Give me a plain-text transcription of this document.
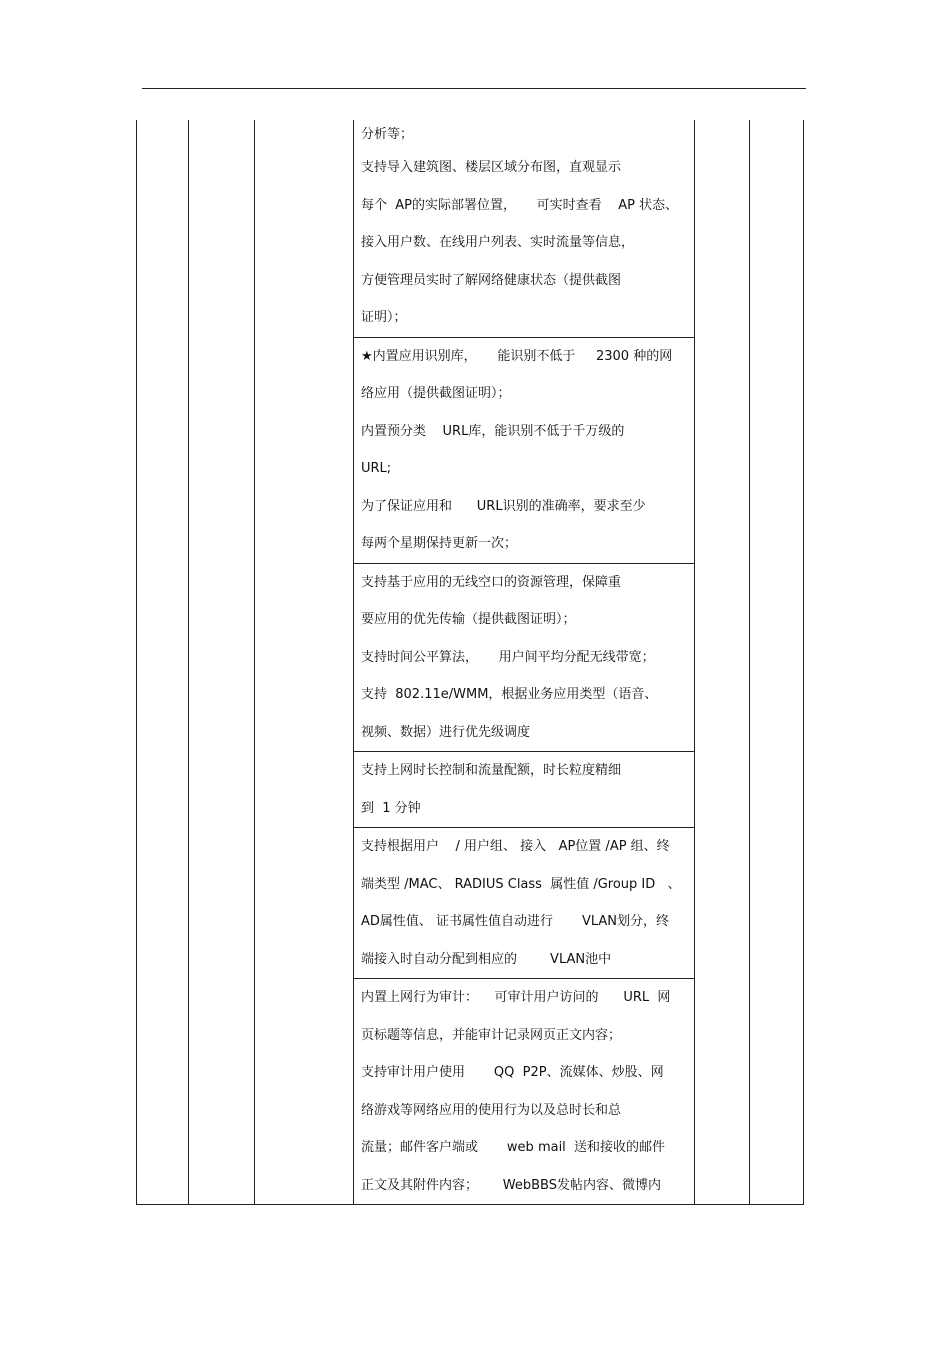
分析等；
支持导入建筑图、楼层区域分布图，直观显示
每个  AP的实际部署位置，     可实时查看    AP 状态、
接入用户数、在线用户列表、实时流量等信息，
方便管理员实时了解网络健康状态（提供截图
证明）；
★内置应用识别库，     能识别不低于     2300 种的网
络应用（提供截图证明）；
内置预分类    URL库，能识别不低于千万级的
URL;
为了保证应用和      URL识别的准确率，要求至少
每两个星期保持更新一次；
支持基于应用的无线空口的资源管理，保障重
要应用的优先传输（提供截图证明）；
支持时间公平算法，     用户间平均分配无线带宽；
支持  802.11e/WMM，根据业务应用类型（语音、
视频、数据）进行优先级调度
支持上网时长控制和流量配额，时长粒度精细
到  1 分钟
支持根据用户    / 用户组、 接入   AP位置 /AP 组、终
端类型 /MAC、 RADIUS Class  属性值 /Group ID   、
AD属性值、 证书属性值自动进行       VLAN划分，终
端接入时自动分配到相应的        VLAN池中
内置上网行为审计：    可审计用户访问的      URL  网
页标题等信息，并能审计记录网页正文内容；
支持审计用户使用       QQ  P2P、流媒体、炒股、网
络游戏等网络应用的使用行为以及总时长和总
流量；邮件客户端或       web mail  送和接收的邮件
正文及其附件内容；      WebBBS发帖内容、微博内
